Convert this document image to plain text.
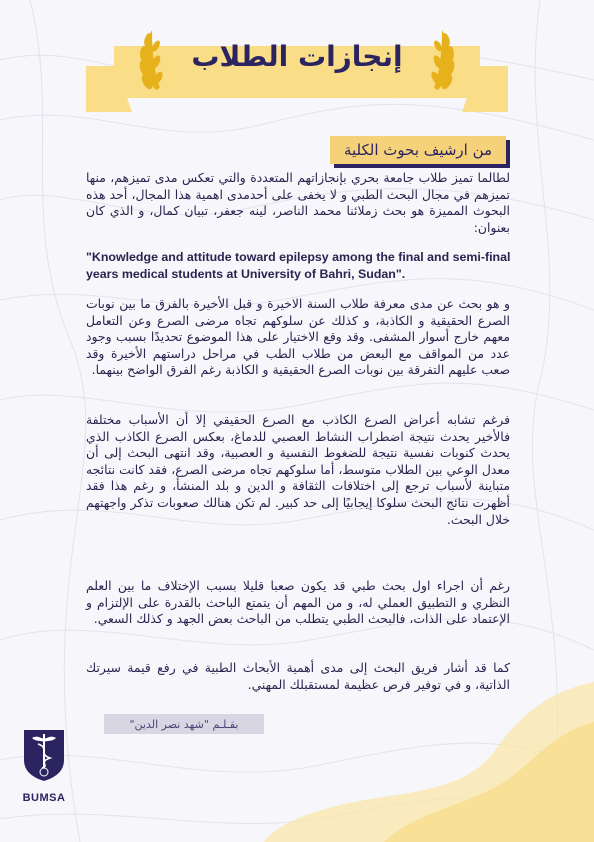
إنجازات الطلاب
من ارشيف بحوث الكلية

لطالما تميز طلاب جامعة بحري بإنجازاتهم المتعددة والتي تعكس مدى تميزهم، منها تميزهم في مجال البحث الطبي و لا يخفى على أحدمدى اهمية هذا المجال، أحد هذه البحوث المميزة هو بحث زملائنا محمد الناصر، لينه جعفر، تبيان كمال، و الذي كان بعنوان:

"Knowledge and attitude toward epilepsy among the final and semi-final years medical students at University of Bahri, Sudan".

و هو بحث عن مدى معرفة طلاب السنة الاخيرة و قبل الأخيرة بالفرق ما بين نوبات الصرع الحقيقية و الكاذبة، و كذلك عن سلوكهم تجاه مرضى الصرع وعن التعامل معهم خارج أسوار المشفى. وقد وقع الاختيار على هذا الموضوع تحديدًا بسبب وجود عدد من المواقف مع البعض من طلاب الطب في مراحل دراستهم الأخيرة وقد صعب عليهم التفرقة بين نوبات الصرع الحقيقية و الكاذبة رغم الفرق الواضح بينهما.

فرغم تشابه أعراض الصرع الكاذب مع الصرع الحقيقي إلا أن الأسباب مختلفة فالأخير يحدث نتيجة اضطراب النشاط العصبي للدماغ، بعكس الصرع الكاذب الذي يحدث كنوبات نفسية نتيجة للضغوط النفسية و العصبية، وقد انتهى البحث إلى أن معدل الوعي بين الطلاب متوسط، أما سلوكهم تجاه مرضى الصرع، فقد كانت نتائجه متباينة لأسباب ترجع إلى اختلافات الثقافة و الدين و بلد المنشأ، و رغم هذا فقد أظهرت نتائج البحث سلوكا إيجابيًا إلى حد كبير. لم تكن هنالك صعوبات تذكر واجهتهم خلال البحث.

رغم أن اجراء اول بحث طبي قد يكون صعبا قليلا بسبب الإختلاف ما بين العلم النظري و التطبيق العملي له، و من المهم أن يتمتع الباحث بالقدرة على الإلتزام و الإعتماد على الذات، فالبحث الطبي يتطلب من الباحث بعض الجهد و كذلك السعي.

كما قد أشار فريق البحث إلى مدى أهمية الأبحاث الطبية في رفع قيمة سيرتك الذاتية، و في توفير فرص عظيمة لمستقبلك المهني.

بقـلـم "شهد نصر الدين"
BUMSA
